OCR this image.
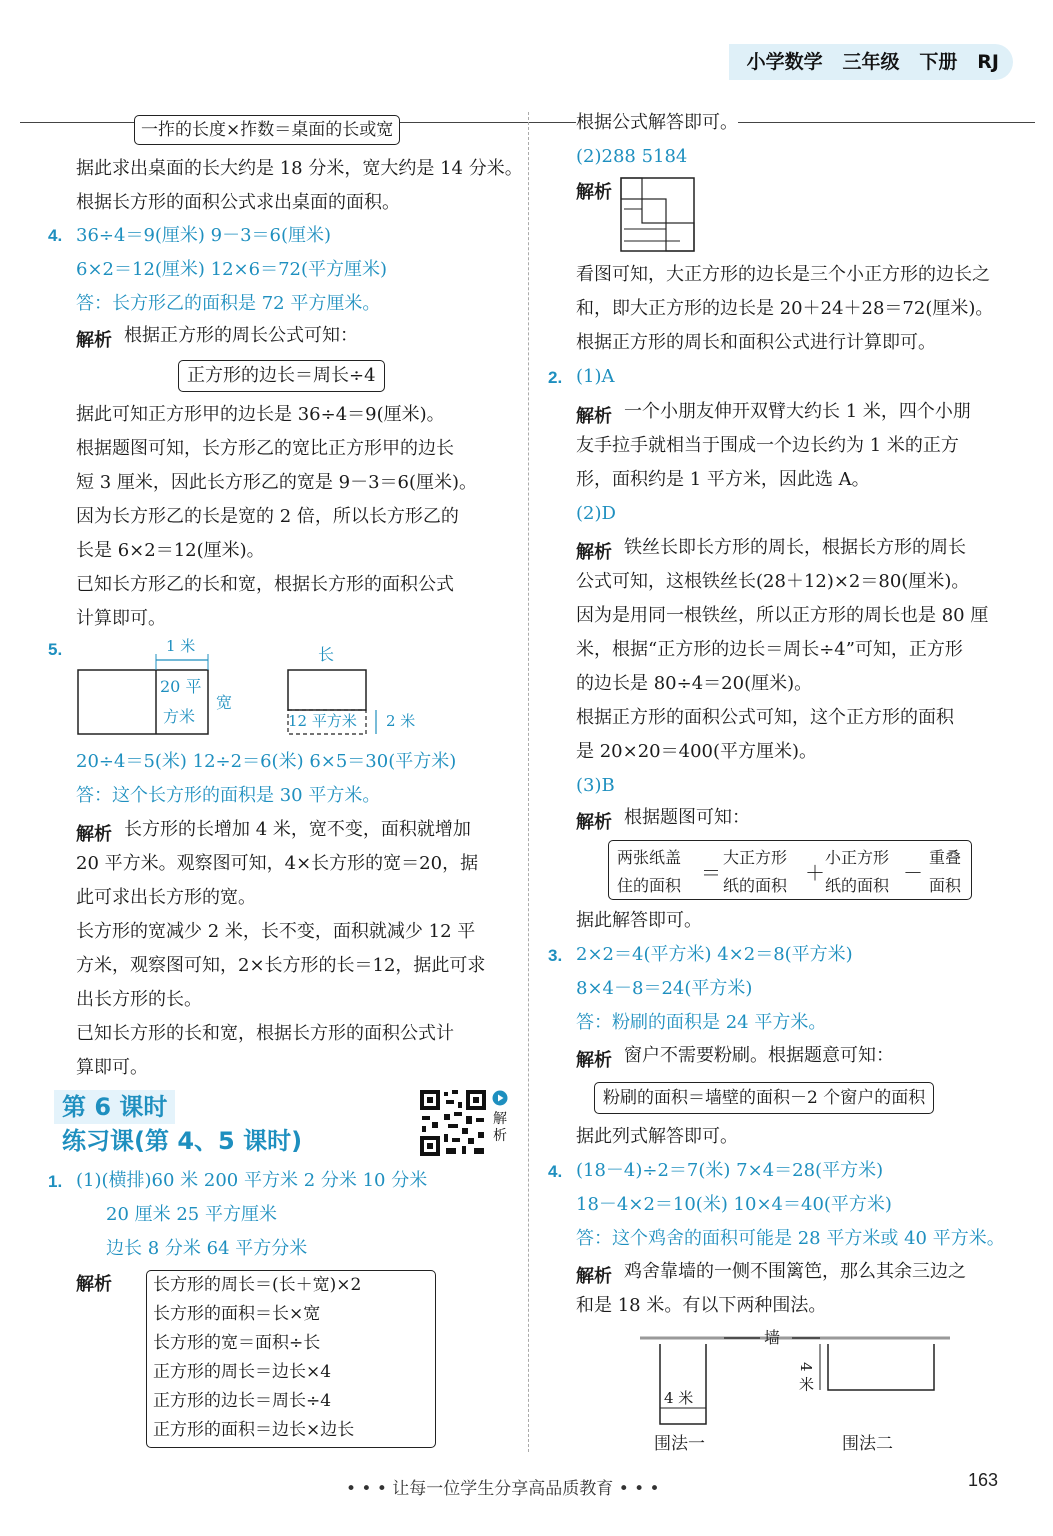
小学数学 三年级 下册 RJ
一拃的长度×拃数＝桌面的长或宽
据此求出桌面的长大约是 18 分米，宽大约是 14 分米。
根据长方形的面积公式求出桌面的面积。
4. 36÷4＝9(厘米) 9－3＝6(厘米)
6×2＝12(厘米) 12×6＝72(平方厘米)
答：长方形乙的面积是 72 平方厘米。
解析 根据正方形的周长公式可知：
正方形的边长＝周长÷4
据此可知正方形甲的边长是 36÷4＝9(厘米)。
根据题图可知，长方形乙的宽比正方形甲的边长
短 3 厘米，因此长方形乙的宽是 9－3＝6(厘米)。
因为长方形乙的长是宽的 2 倍，所以长方形乙的
长是 6×2＝12(厘米)。
已知长方形乙的长和宽，根据长方形的面积公式
计算即可。
5.	1 米
20 平
方米
宽
长
12 平方米 2 米
20÷4＝5(米) 12÷2＝6(米) 6×5＝30(平方米)
答：这个长方形的面积是 30 平方米。
解析 长方形的长增加 4 米，宽不变，面积就增加
20 平方米。观察图可知，4×长方形的宽＝20，据
此可求出长方形的宽。
长方形的宽减少 2 米，长不变，面积就减少 12 平
方米，观察图可知，2×长方形的长＝12，据此可求
出长方形的长。
已知长方形的长和宽，根据长方形的面积公式计
算即可。
第 6 课时
练习课(第 4、5 课时)
解析
1. (1)(横排)60 米 200 平方米 2 分米 10 分米
20 厘米 25 平方厘米
边长 8 分米 64 平方分米
解析 长方形的周长＝(长＋宽)×2
长方形的面积＝长×宽
长方形的宽＝面积÷长
正方形的周长＝边长×4
正方形的边长＝周长÷4
正方形的面积＝边长×边长
根据公式解答即可。
(2)288 5184
解析
看图可知，大正方形的边长是三个小正方形的边长之
和，即大正方形的边长是 20＋24＋28＝72(厘米)。
根据正方形的周长和面积公式进行计算即可。
2. (1)A
解析 一个小朋友伸开双臂大约长 1 米，四个小朋
友手拉手就相当于围成一个边长约为 1 米的正方
形，面积约是 1 平方米，因此选 A。
(2)D
解析 铁丝长即长方形的周长，根据长方形的周长
公式可知，这根铁丝长(28＋12)×2＝80(厘米)。
因为是用同一根铁丝，所以正方形的周长也是 80 厘
米，根据“正方形的边长＝周长÷4”可知，正方形
的边长是 80÷4＝20(厘米)。
根据正方形的面积公式可知，这个正方形的面积
是 20×20＝400(平方厘米)。
(3)B
解析 根据题图可知：
两张纸盖
住的面积
＝
大正方形
纸的面积
＋
小正方形
纸的面积
－
重叠
面积
据此解答即可。
3. 2×2＝4(平方米) 4×2＝8(平方米)
8×4－8＝24(平方米)
答：粉刷的面积是 24 平方米。
解析 窗户不需要粉刷。根据题意可知：
粉刷的面积＝墙壁的面积－2 个窗户的面积
据此列式解答即可。
4. (18－4)÷2＝7(米) 7×4＝28(平方米)
18－4×2＝10(米) 10×4＝40(平方米)
答：这个鸡舍的面积可能是 28 平方米或 40 平方米。
解析 鸡舍靠墙的一侧不围篱笆，那么其余三边之
和是 18 米。有以下两种围法。
墙
4 米
4 米
围法一	围法二
• • • 让每一位学生分享高品质教育 • • •	163
